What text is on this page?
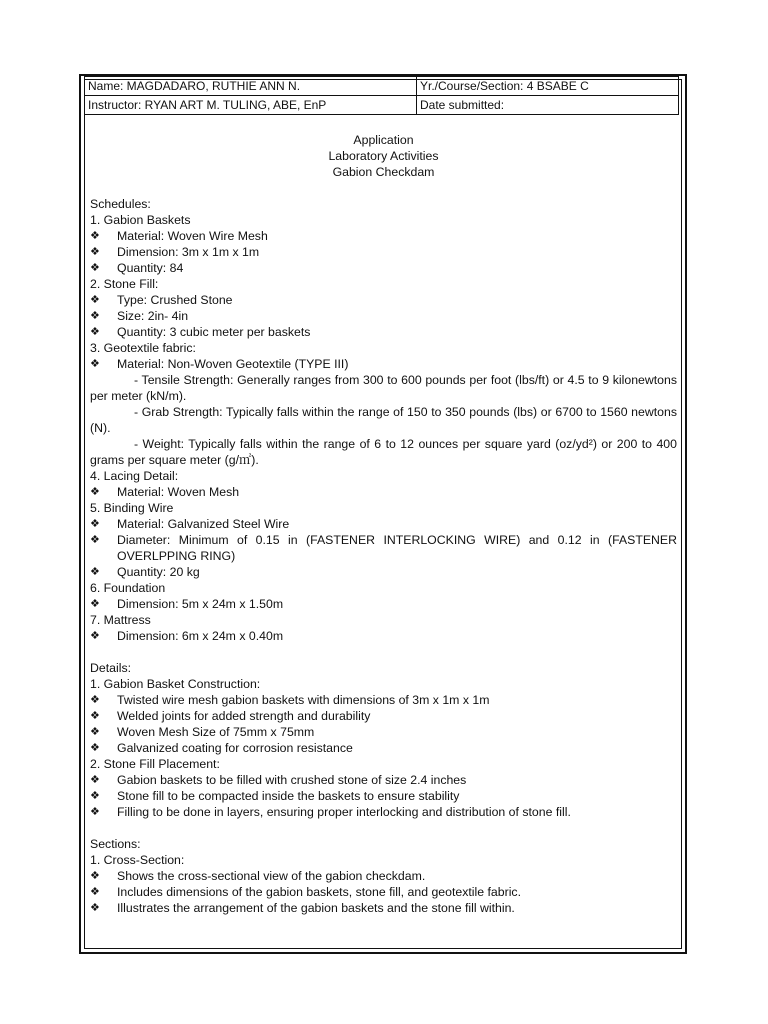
Name: MAGDADARO, RUTHIE ANN N.	Yr./Course/Section: 4 BSABE C
Instructor: RYAN ART M. TULING, ABE, EnP	Date submitted:
Application
Laboratory Activities
Gabion Checkdam
Schedules:
1. Gabion Baskets
❖ Material: Woven Wire Mesh
❖ Dimension: 3m x 1m x 1m
❖ Quantity: 84
2. Stone Fill:
❖ Type: Crushed Stone
❖ Size: 2in- 4in
❖ Quantity: 3 cubic meter per baskets
3. Geotextile fabric:
❖ Material: Non-Woven Geotextile (TYPE III)
- Tensile Strength: Generally ranges from 300 to 600 pounds per foot (lbs/ft) or 4.5 to 9 kilonewtons per meter (kN/m).
- Grab Strength: Typically falls within the range of 150 to 350 pounds (lbs) or 6700 to 1560 newtons (N).
- Weight: Typically falls within the range of 6 to 12 ounces per square yard (oz/yd²) or 200 to 400 grams per square meter (g/㎡).
4. Lacing Detail:
❖ Material: Woven Mesh
5. Binding Wire
❖ Material: Galvanized Steel Wire
❖ Diameter: Minimum of 0.15 in (FASTENER INTERLOCKING WIRE) and 0.12 in (FASTENER OVERLPPING RING)
❖ Quantity: 20 kg
6. Foundation
❖ Dimension: 5m x 24m x 1.50m
7. Mattress
❖ Dimension: 6m x 24m x 0.40m
Details:
1. Gabion Basket Construction:
❖ Twisted wire mesh gabion baskets with dimensions of 3m x 1m x 1m
❖ Welded joints for added strength and durability
❖ Woven Mesh Size of 75mm x 75mm
❖ Galvanized coating for corrosion resistance
2. Stone Fill Placement:
❖ Gabion baskets to be filled with crushed stone of size 2.4 inches
❖ Stone fill to be compacted inside the baskets to ensure stability
❖ Filling to be done in layers, ensuring proper interlocking and distribution of stone fill.
Sections:
1. Cross-Section:
❖ Shows the cross-sectional view of the gabion checkdam.
❖ Includes dimensions of the gabion baskets, stone fill, and geotextile fabric.
❖ Illustrates the arrangement of the gabion baskets and the stone fill within.
